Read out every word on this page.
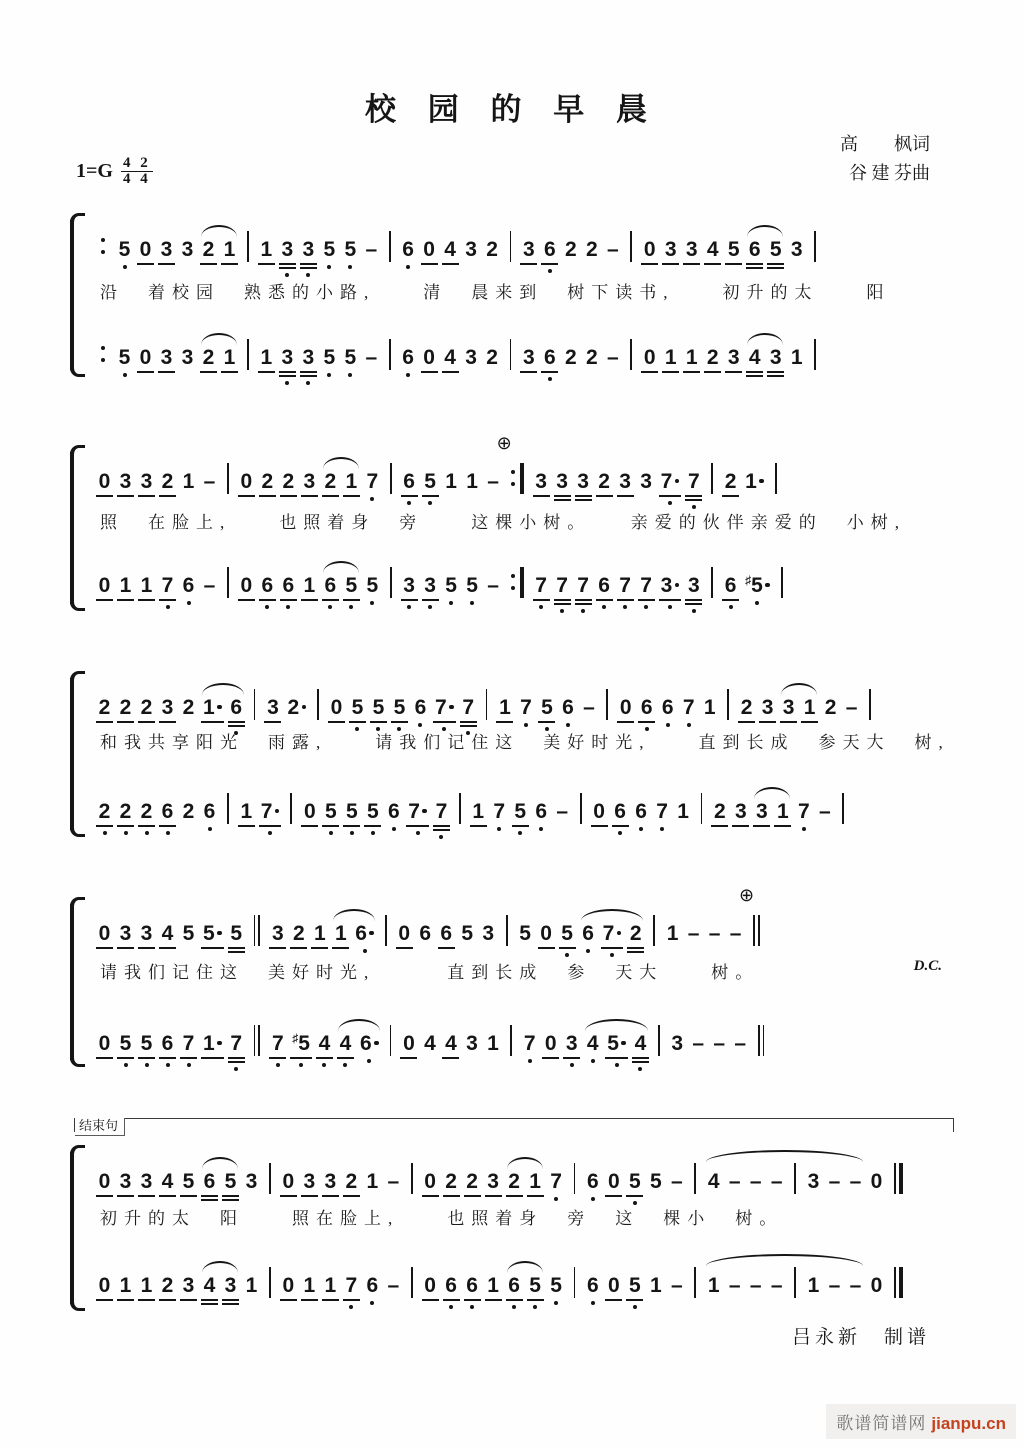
校 园 的 早 晨
高　　枫词
谷 建 芬曲
$1=G \frac{4 2}{4 4}$
5 0 3 3 2 1 1 3 3 5 5 – 6 0 4 3 2 3 6 2 2 – 0 3 3 4 5 6 5 3
沿　着校园　熟悉的小路,　　清　晨来到　树下读书,　　初升的太　　阳
5 0 3 3 2 1 1 3 3 5 5 – 6 0 4 3 2 3 6 2 2 – 0 1 1 2 3 4 3 1
0 3 3 2 1 – 0 2 2 3 2 1 7 6 5 1 1 –
⊕
3 3 3 2 3 3 7 7 2 1
照　在脸上,　　也照着身　旁　　这棵小树。　　亲爱的伙伴亲爱的　小树,
0 1 1 7 6 – 0 6 6 1 6 5 5 3 3 5 5 – 7 7 7 6 7 7 3 3 6 ♯5
2 2 2 3 2 1 6 3 2	0 5 5 5 6 7 7 1 7 5 6 – 0 6 6 7 1 2 3 3 1 2 –
和我共享阳光　雨露,　　请我们记住这　美好时光,　　直到长成　参天大　树,
2 2 2 6 2 6 1 7	0 5 5 5 6 7 7 1 7 5 6 – 0 6 6 7 1 2 3 3 1 7 –
0 3 3 4 5 5 5 3 2 1 1 6	0 6 6 5 3 5 0 5 6 7 2 1 – – –
⊕
请我们记住这　美好时光,　　　直到长成　参　天大　　树。	D.C.
0 5 5 6 7 1 7 7 ♯5 4 4 6	0 4 4 3 1 7 0 3 4 5 4 3 – – –
结束句
0 3 3 4 5 6 5 3 0 3 3 2 1 – 0 2 2 3 2 1 7 6 0 5 5 – 4 – – – 3 – – 0
初升的太　阳　　照在脸上,　　也照着身　旁　这　棵小　树。
0 1 1 2 3 4 3 1 0 1 1 7 6 – 0 6 6 1 6 5 5 6 0 5 1 – 1 – – – 1 – – 0
吕永新　制谱
歌谱简谱网 jianpu.cn
